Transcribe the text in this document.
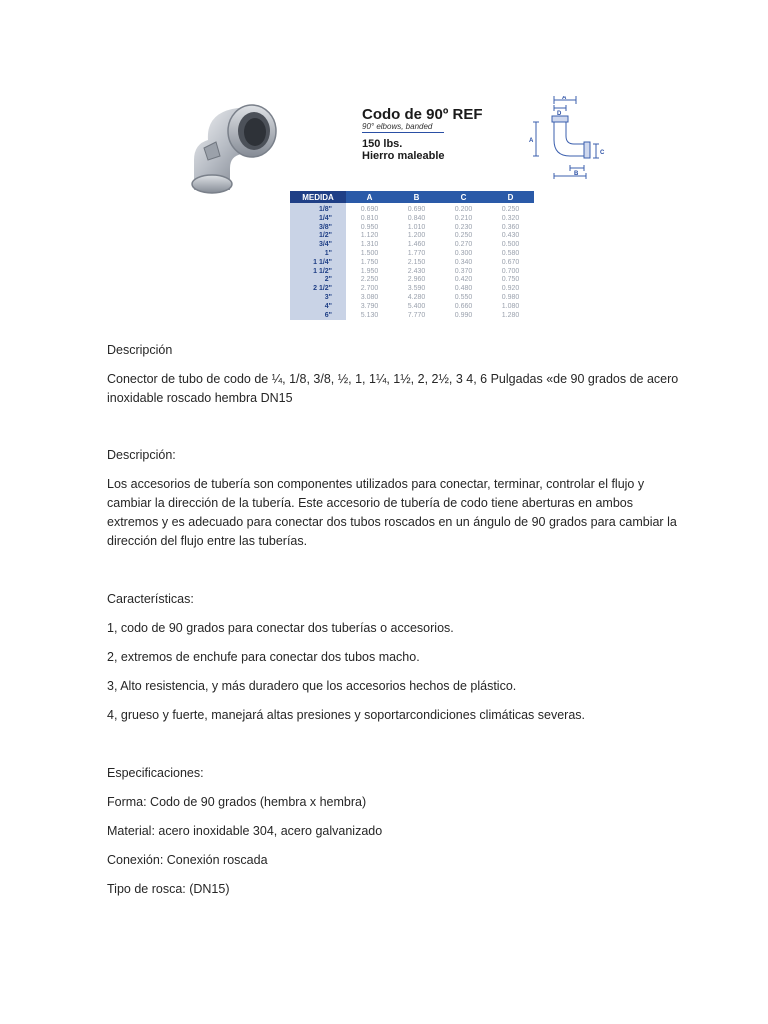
Codo de 90º REF
90° elbows, banded
150 lbs.
Hierro maleable
A
D
A
C
B
MEDIDA	A	B	C	D
1/8"	0.690	0.690	0.200	0.250
1/4"	0.810	0.840	0.210	0.320
3/8"	0.950	1.010	0.230	0.360
1/2"	1.120	1.200	0.250	0.430
3/4"	1.310	1.460	0.270	0.500
1"	1.500	1.770	0.300	0.580
1 1/4"	1.750	2.150	0.340	0.670
1 1/2"	1.950	2.430	0.370	0.700
2"	2.250	2.960	0.420	0.750
2 1/2"	2.700	3.590	0.480	0.920
3"	3.080	4.280	0.550	0.980
4"	3.790	5.400	0.660	1.080
6"	5.130	7.770	0.990	1.280

Descripción

Conector de tubo de codo de ¼, 1/8, 3/8, ½, 1, 1¼, 1½, 2, 2½, 3 4, 6 Pulgadas «de 90 grados de acero

inoxidable roscado hembra DN15

Descripción:

Los accesorios de tubería son componentes utilizados para conectar, terminar, controlar el flujo y

cambiar la dirección de la tubería. Este accesorio de tubería de codo tiene aberturas en ambos

extremos y es adecuado para conectar dos tubos roscados en un ángulo de 90 grados para cambiar la

dirección del flujo entre las tuberías.

Características:

1, codo de 90 grados para conectar dos tuberías o accesorios.

2, extremos de enchufe para conectar dos tubos macho.

3, Alto resistencia, y más duradero que los accesorios hechos de plástico.

4, grueso y fuerte, manejará altas presiones y soportarcondiciones climáticas severas.

Especificaciones:

Forma: Codo de 90 grados (hembra x hembra)

Material: acero inoxidable 304, acero galvanizado

Conexión: Conexión roscada

Tipo de rosca: (DN15)
